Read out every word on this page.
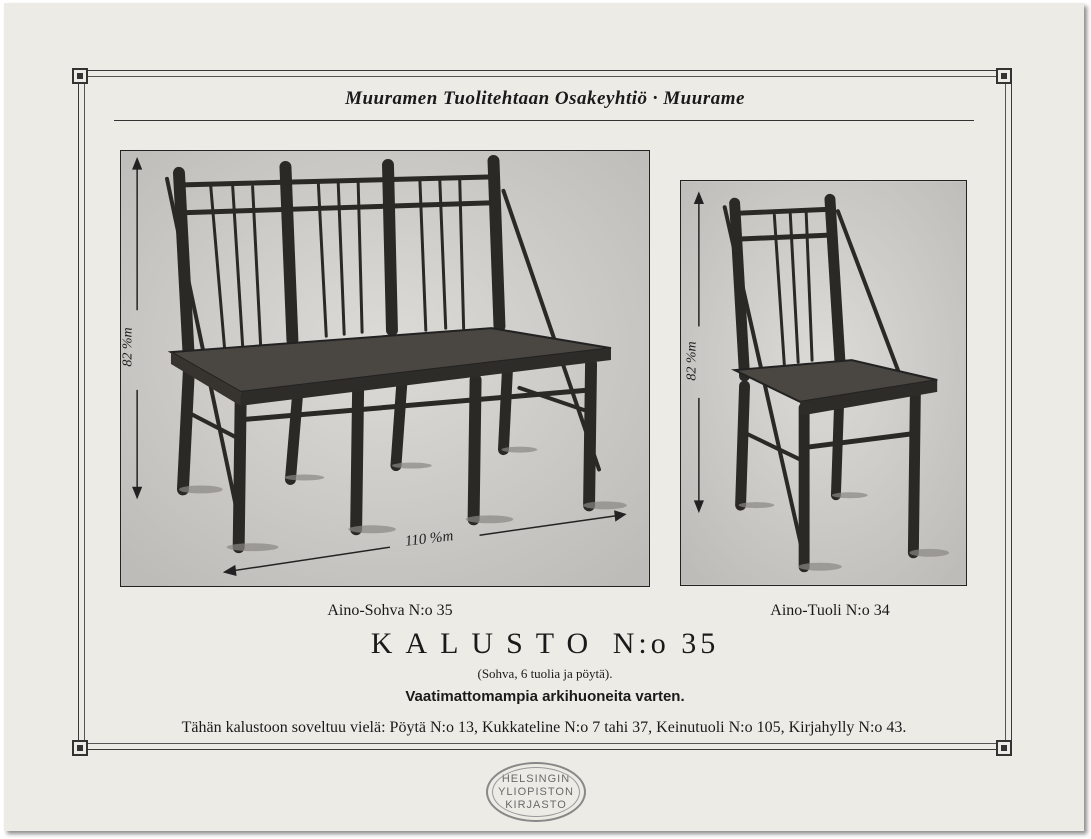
Muuramen Tuolitehtaan Osakeyhtiö · Muurame
82 %m
110 %m
82 %m
Aino-Sohva N:o 35	Aino-Tuoli N:o 34
KALUSTO N:o 35
(Sohva, 6 tuolia ja pöytä).
Vaatimattomampia arkihuoneita varten.
Tähän kalustoon soveltuu vielä: Pöytä N:o 13, Kukkateline N:o 7 tahi 37, Keinutuoli N:o 105, Kirjahylly N:o 43.
HELSINGIN
YLIOPISTON
KIRJASTO
